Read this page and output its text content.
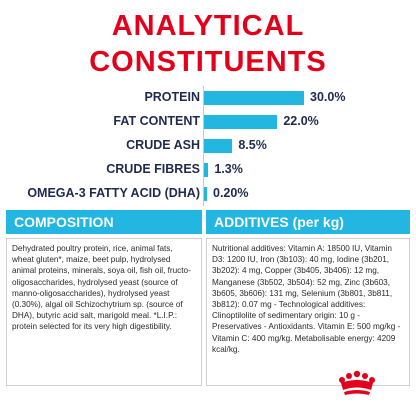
ANALYTICAL
CONSTITUENTS
PROTEIN	30.0%
FAT CONTENT	22.0%
CRUDE ASH	8.5%
CRUDE FIBRES 1.3%
OMEGA-3 FATTY ACID (DHA) 0.20%
COMPOSITION	ADDITIVES (per kg)
Dehydrated poultry protein, rice, animal fats, wheat gluten*, maize, beet pulp, hydrolysed animal proteins, minerals, soya oil, fish oil, fructo-oligosaccharides, hydrolysed yeast (source of manno-oligosaccharides), hydrolysed yeast (0.30%), algal oil Schizochytrium sp. (source of DHA), butyric acid salt, marigold meal. *L.I.P.: protein selected for its very high digestibility.
Nutritional additives: Vitamin A: 18500 IU, Vitamin D3: 1200 IU, Iron (3b103): 40 mg, Iodine (3b201, 3b202): 4 mg, Copper (3b405, 3b406): 12 mg, Manganese (3b502, 3b504): 52 mg, Zinc (3b603, 3b605, 3b606): 131 mg, Selenium (3b801, 3b811, 3b812): 0.07 mg - Technological additives: Clinoptilolite of sedimentary origin: 10 g - Preservatives - Antioxidants. Vitamin E: 500 mg/kg - Vitamin C: 400 mg/kg. Metabolisable energy: 4209 kcal/kg.
